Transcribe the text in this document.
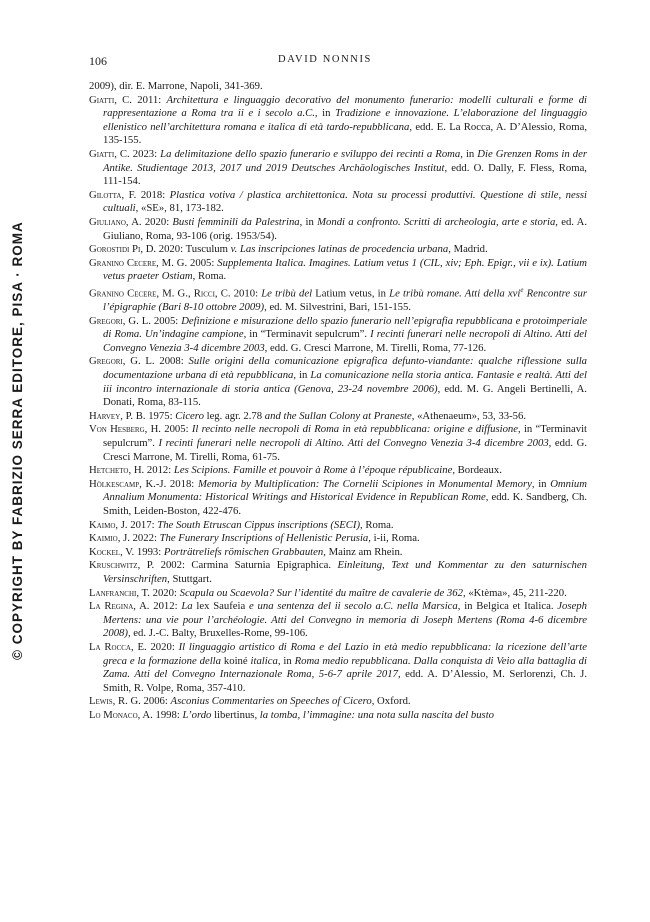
106	DAVID NONNIS
© COPYRIGHT BY FABRIZIO SERRA EDITORE, PISA · ROMA

2009), dir. E. Marrone, Napoli, 341-369.

Giatti, C. 2011: Architettura e linguaggio decorativo del monumento funerario: modelli culturali e forme di rappresentazione a Roma tra ii e i secolo a.C., in Tradizione e innovazione. L’elaborazione del linguaggio ellenistico nell’architettura romana e italica di età tardo-repubblicana, edd. E. La Rocca, A. D’Alessio, Roma, 135-155.

Giatti, C. 2023: La delimitazione dello spazio funerario e sviluppo dei recinti a Roma, in Die Grenzen Roms in der Antike. Studientage 2013, 2017 und 2019 Deutsches Archäologisches Institut, edd. O. Dally, F. Fless, Roma, 111-154.

Gilotta, F. 2018: Plastica votiva / plastica architettonica. Nota su processi produttivi. Questione di stile, nessi cultuali, «SE», 81, 173-182.

Giuliano, A. 2020: Busti femminili da Palestrina, in Mondi a confronto. Scritti di archeologia, arte e storia, ed. A. Giuliano, Roma, 93-106 (orig. 1953/54).

Gorostidi Pi, D. 2020: Tusculum v. Las inscripciones latinas de procedencia urbana, Madrid.

Granino Cecere, M. G. 2005: Supplementa Italica. Imagines. Latium vetus 1 (CIL, xiv; Eph. Epigr., vii e ix). Latium vetus praeter Ostiam, Roma.

Granino Cecere, M. G., Ricci, C. 2010: Le tribù del Latium vetus, in Le tribù romane. Atti della xvi$^e$ Rencontre sur l’épigraphie (Bari 8-10 ottobre 2009), ed. M. Silvestrini, Bari, 151-155.

Gregori, G. L. 2005: Definizione e misurazione dello spazio funerario nell’epigrafia repubblicana e protoimperiale di Roma. Un’indagine campione, in “Terminavit sepulcrum”. I recinti funerari nelle necropoli di Altino. Atti del Convegno Venezia 3-4 dicembre 2003, edd. G. Cresci Marrone, M. Tirelli, Roma, 77-126.

Gregori, G. L. 2008: Sulle origini della comunicazione epigrafica defunto-viandante: qualche riflessione sulla documentazione urbana di età repubblicana, in La comunicazione nella storia antica. Fantasie e realtà. Atti del iii incontro internazionale di storia antica (Genova, 23-24 novembre 2006), edd. M. G. Angeli Bertinelli, A. Donati, Roma, 83-115.

Harvey, P. B. 1975: Cicero leg. agr. 2.78 and the Sullan Colony at Praneste, «Athenaeum», 53, 33-56.

Von Hesberg, H. 2005: Il recinto nelle necropoli di Roma in età repubblicana: origine e diffusione, in “Terminavit sepulcrum”. I recinti funerari nelle necropoli di Altino. Atti del Convegno Venezia 3-4 dicembre 2003, edd. G. Cresci Marrone, M. Tirelli, Roma, 61-75.

Hetcheto, H. 2012: Les Scipions. Famille et pouvoir à Rome à l’époque républicaine, Bordeaux.

Hölkescamp, K.-J. 2018: Memoria by Multiplication: The Cornelii Scipiones in Monumental Memory, in Omnium Annalium Monumenta: Historical Writings and Historical Evidence in Republican Rome, edd. K. Sandberg, Ch. Smith, Leiden-Boston, 422-476.

Kaimo, J. 2017: The South Etruscan Cippus inscriptions (SECI), Roma.

Kaimio, J. 2022: The Funerary Inscriptions of Hellenistic Perusia, i-ii, Roma.

Kockel, V. 1993: Porträtreliefs römischen Grabbauten, Mainz am Rhein.

Kruschwitz, P. 2002: Carmina Saturnia Epigraphica. Einleitung, Text und Kommentar zu den saturnischen Versinschriften, Stuttgart.

Lanfranchi, T. 2020: Scapula ou Scaevola? Sur l’identité du maître de cavalerie de 362, «Ktèma», 45, 211-220.

La Regina, A. 2012: La lex Saufeia e una sentenza del ii secolo a.C. nella Marsica, in Belgica et Italica. Joseph Mertens: una vie pour l’archéologie. Atti del Convegno in memoria di Joseph Mertens (Roma 4-6 dicembre 2008), ed. J.-C. Balty, Bruxelles-Rome, 99-106.

La Rocca, E. 2020: Il linguaggio artistico di Roma e del Lazio in età medio repubblicana: la ricezione dell’arte greca e la formazione della koiné italica, in Roma medio repubblicana. Dalla conquista di Veio alla battaglia di Zama. Atti del Convegno Internazionale Roma, 5-6-7 aprile 2017, edd. A. D’Alessio, M. Serlorenzi, Ch. J. Smith, R. Volpe, Roma, 357-410.

Lewis, R. G. 2006: Asconius Commentaries on Speeches of Cicero, Oxford.

Lo Monaco, A. 1998: L’ordo libertinus, la tomba, l’immagine: una nota sulla nascita del busto
